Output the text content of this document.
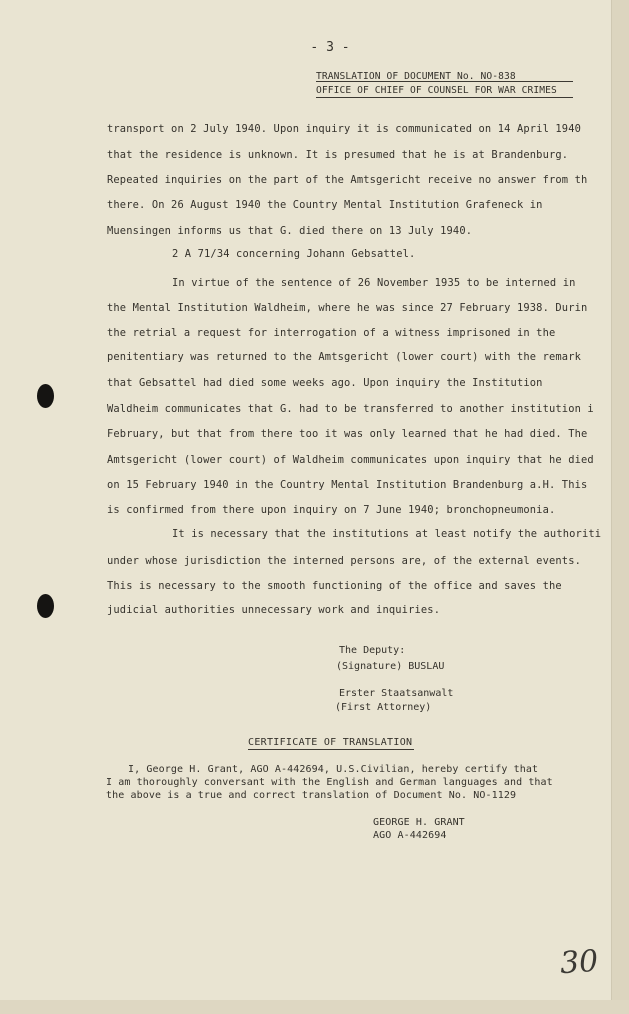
- 3 -
TRANSLATION OF DOCUMENT No. NO-838
OFFICE OF CHIEF OF COUNSEL FOR WAR CRIMES
transport on 2 July 1940. Upon inquiry it is communicated on 14 April 1940
that the residence is unknown. It is presumed that he is at Brandenburg.
Repeated inquiries on the part of the Amtsgericht receive no answer from th
there. On 26 August 1940 the Country Mental Institution Grafeneck in
Muensingen informs us that G. died there on 13 July 1940.
2 A 71/34 concerning Johann Gebsattel.
In virtue of the sentence of 26 November 1935 to be interned in
the Mental Institution Waldheim, where he was since 27 February 1938. Durin
the retrial a request for interrogation of a witness imprisoned in the
penitentiary was returned to the Amtsgericht (lower court) with the remark
that Gebsattel had died some weeks ago. Upon inquiry the Institution
Waldheim communicates that G. had to be transferred to another institution i
February, but that from there too it was only learned that he had died. The
Amtsgericht (lower court) of Waldheim communicates upon inquiry that he died
on 15 February 1940 in the Country Mental Institution Brandenburg a.H. This
is confirmed from there upon inquiry on 7 June 1940; bronchopneumonia.
It is necessary that the institutions at least notify the authoriti
under whose jurisdiction the interned persons are, of the external events.
This is necessary to the smooth functioning of the office and saves the
judicial authorities unnecessary work and inquiries.
The Deputy:
(Signature) BUSLAU
Erster Staatsanwalt
(First Attorney)
CERTIFICATE OF TRANSLATION
I, George H. Grant, AGO A-442694, U.S.Civilian, hereby certify that
I am thoroughly conversant with the English and German languages and that
the above is a true and correct translation of Document No. NO-1129
GEORGE H. GRANT
AGO A-442694
30
